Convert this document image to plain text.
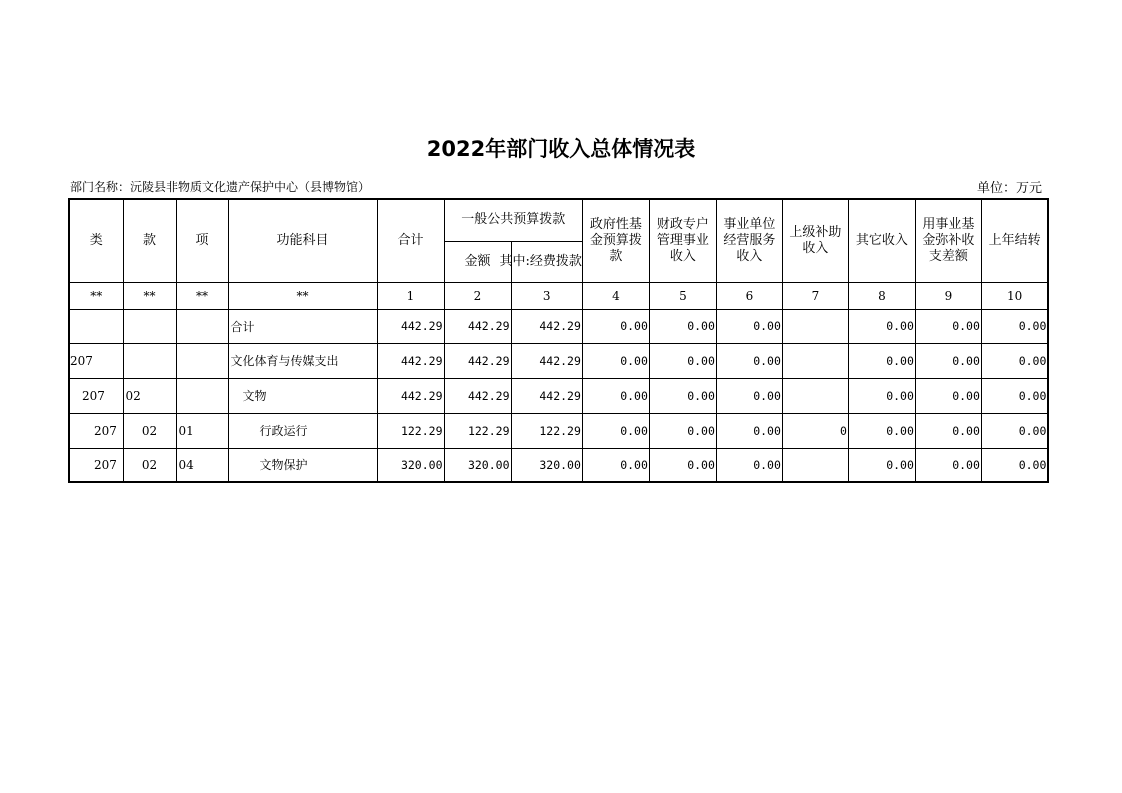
2022年部门收入总体情况表
部门名称：沅陵县非物质文化遗产保护中心（县博物馆）	单位：万元
类	款	项	功能科目	合计	一般公共预算拨款		政府性基金预算拨款	财政专户管理事业收入	事业单位经营服务收入	上级补助收入	其它收入	用事业基金弥补收支差额	上年结转
					金额	其中:经费拨款							
**	**	**	**	1	2	3	4	5	6	7	8	9	10
			合计	442.29	442.29	442.29	0.00	0.00	0.00		0.00	0.00	0.00
207			文化体育与传媒支出	442.29	442.29	442.29	0.00	0.00	0.00		0.00	0.00	0.00
207	02		文物	442.29	442.29	442.29	0.00	0.00	0.00		0.00	0.00	0.00
207	02	01	行政运行	122.29	122.29	122.29	0.00	0.00	0.00	0	0.00	0.00	0.00
207	02	04	文物保护	320.00	320.00	320.00	0.00	0.00	0.00		0.00	0.00	0.00
